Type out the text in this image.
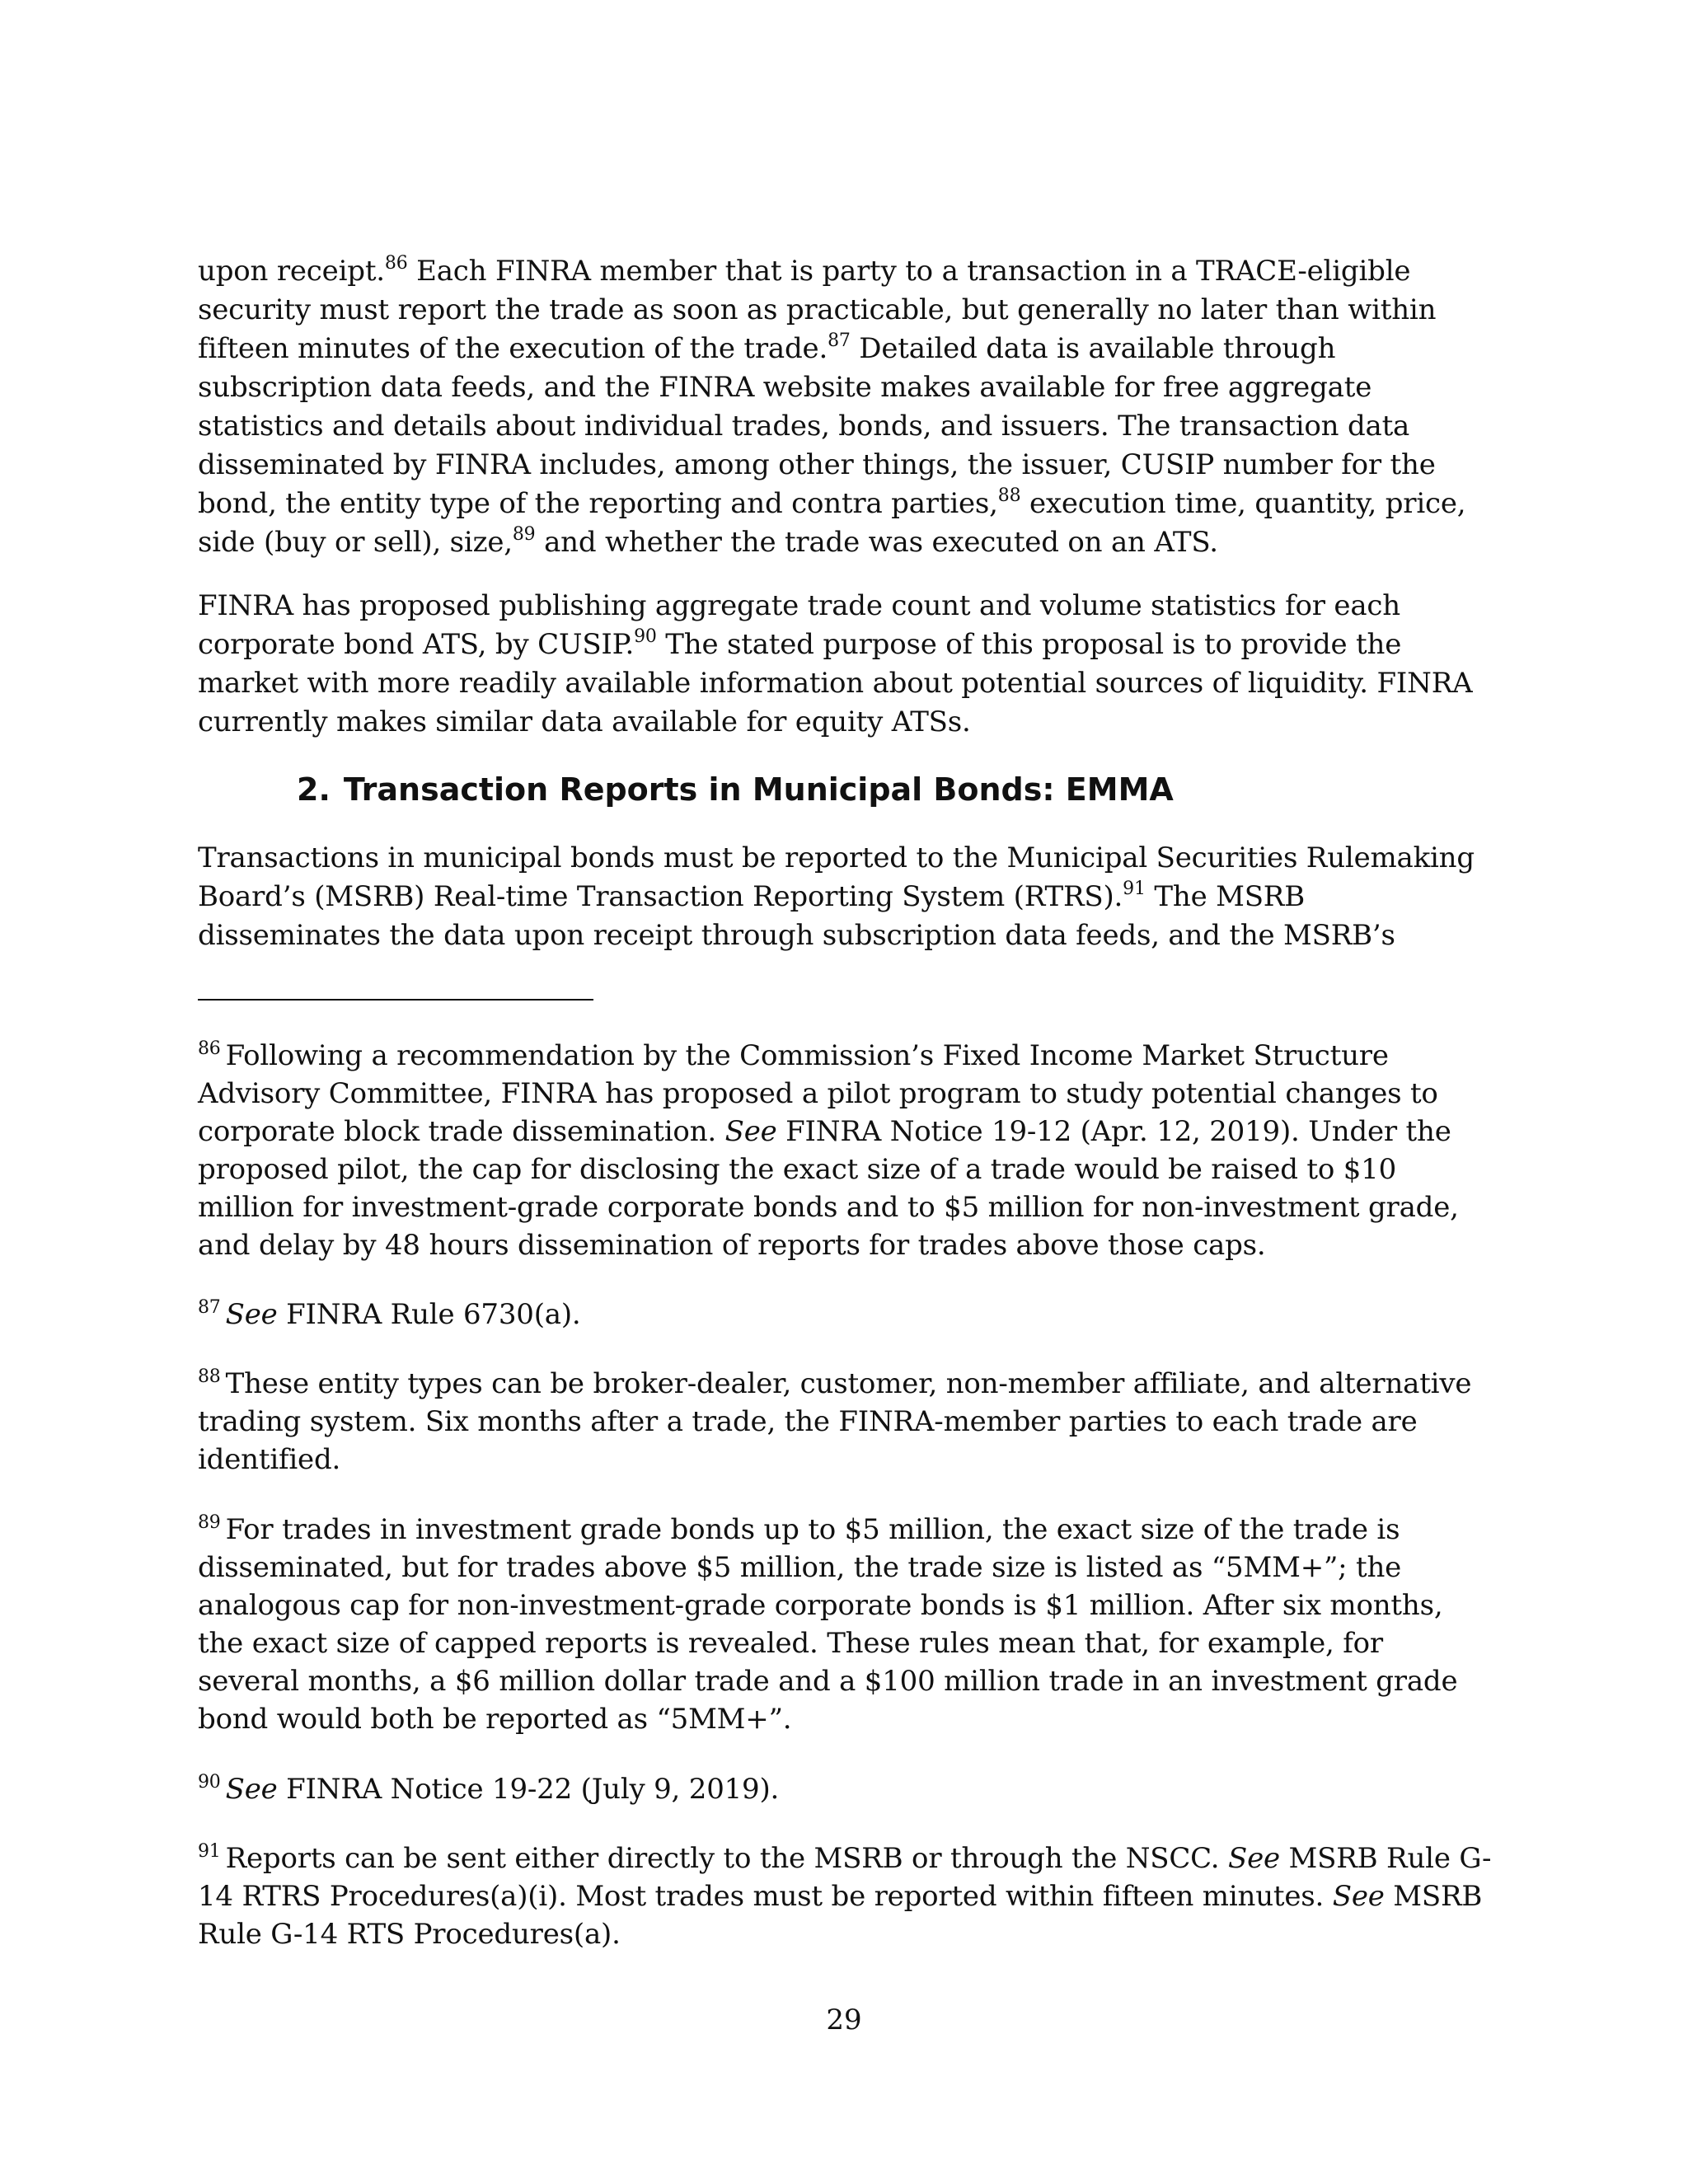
upon receipt.$^{86}$ Each FINRA member that is party to a transaction in a TRACE-eligible security must report the trade as soon as practicable, but generally no later than within fifteen minutes of the execution of the trade.$^{87}$ Detailed data is available through subscription data feeds, and the FINRA website makes available for free aggregate statistics and details about individual trades, bonds, and issuers. The transaction data disseminated by FINRA includes, among other things, the issuer, CUSIP number for the bond, the entity type of the reporting and contra parties,$^{88}$ execution time, quantity, price, side (buy or sell), size,$^{89}$ and whether the trade was executed on an ATS.

FINRA has proposed publishing aggregate trade count and volume statistics for each corporate bond ATS, by CUSIP.$^{90}$ The stated purpose of this proposal is to provide the market with more readily available information about potential sources of liquidity. FINRA currently makes similar data available for equity ATSs.

2. Transaction Reports in Municipal Bonds: EMMA

Transactions in municipal bonds must be reported to the Municipal Securities Rulemaking Board’s (MSRB) Real-time Transaction Reporting System (RTRS).$^{91}$ The MSRB disseminates the data upon receipt through subscription data feeds, and the MSRB’s

$^{86}$ Following a recommendation by the Commission’s Fixed Income Market Structure Advisory Committee, FINRA has proposed a pilot program to study potential changes to corporate block trade dissemination. See FINRA Notice 19-12 (Apr. 12, 2019). Under the proposed pilot, the cap for disclosing the exact size of a trade would be raised to $10 million for investment-grade corporate bonds and to $5 million for non-investment grade, and delay by 48 hours dissemination of reports for trades above those caps.

$^{87}$ See FINRA Rule 6730(a).

$^{88}$ These entity types can be broker-dealer, customer, non-member affiliate, and alternative trading system. Six months after a trade, the FINRA-member parties to each trade are identified.

$^{89}$ For trades in investment grade bonds up to $5 million, the exact size of the trade is disseminated, but for trades above $5 million, the trade size is listed as “5MM+”; the analogous cap for non-investment-grade corporate bonds is $1 million. After six months, the exact size of capped reports is revealed. These rules mean that, for example, for several months, a $6 million dollar trade and a $100 million trade in an investment grade bond would both be reported as “5MM+”.

$^{90}$ See FINRA Notice 19-22 (July 9, 2019).

$^{91}$ Reports can be sent either directly to the MSRB or through the NSCC. See MSRB Rule G-14 RTRS Procedures(a)(i). Most trades must be reported within fifteen minutes. See MSRB Rule G-14 RTS Procedures(a).

29
